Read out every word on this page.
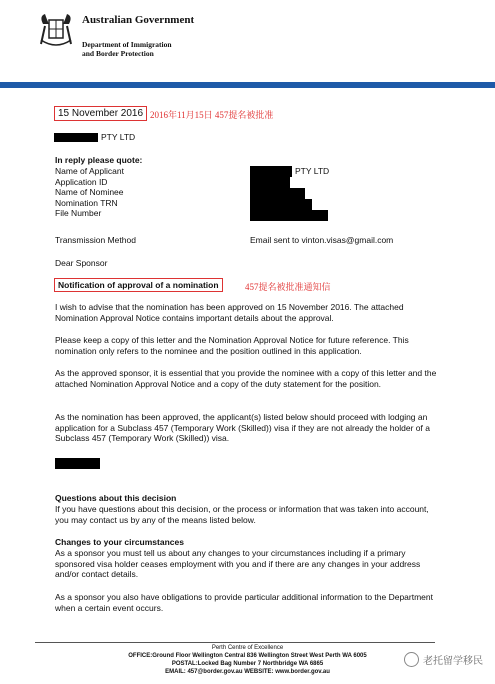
Australian Government
Department of Immigration
and Border Protection
15 November 2016 2016年11月15日 457提名被批准
PTY LTD
In reply please quote:
Name of Applicant
Application ID
Name of Nominee
Nomination TRN
File Number
PTY LTD
Transmission Method	Email sent to vinton.visas@gmail.com
Dear Sponsor
Notification of approval of a nomination	457提名被批准通知信
I wish to advise that the nomination has been approved on 15 November 2016. The attached Nomination Approval Notice contains important details about the approval.
Please keep a copy of this letter and the Nomination Approval Notice for future reference. This nomination only refers to the nominee and the position outlined in this application.
As the approved sponsor, it is essential that you provide the nominee with a copy of this letter and the attached Nomination Approval Notice and a copy of the duty statement for the position.
As the nomination has been approved, the applicant(s) listed below should proceed with lodging an application for a Subclass 457 (Temporary Work (Skilled)) visa if they are not already the holder of a Subclass 457 (Temporary Work (Skilled)) visa.
Questions about this decision
If you have questions about this decision, or the process or information that was taken into account, you may contact us by any of the means listed below.
Changes to your circumstances
As a sponsor you must tell us about any changes to your circumstances including if a primary sponsored visa holder ceases employment with you and if there are any changes in your address and/or contact details.
As a sponsor you also have obligations to provide particular additional information to the Department when a certain event occurs.
Perth Centre of Excellence
OFFICE:Ground Floor Wellington Central 836 Wellington Street West Perth WA 6005
POSTAL:Locked Bag Number 7 Northbridge WA 6865
EMAIL: 457@border.gov.au WEBSITE: www.border.gov.au
老托留学移民
